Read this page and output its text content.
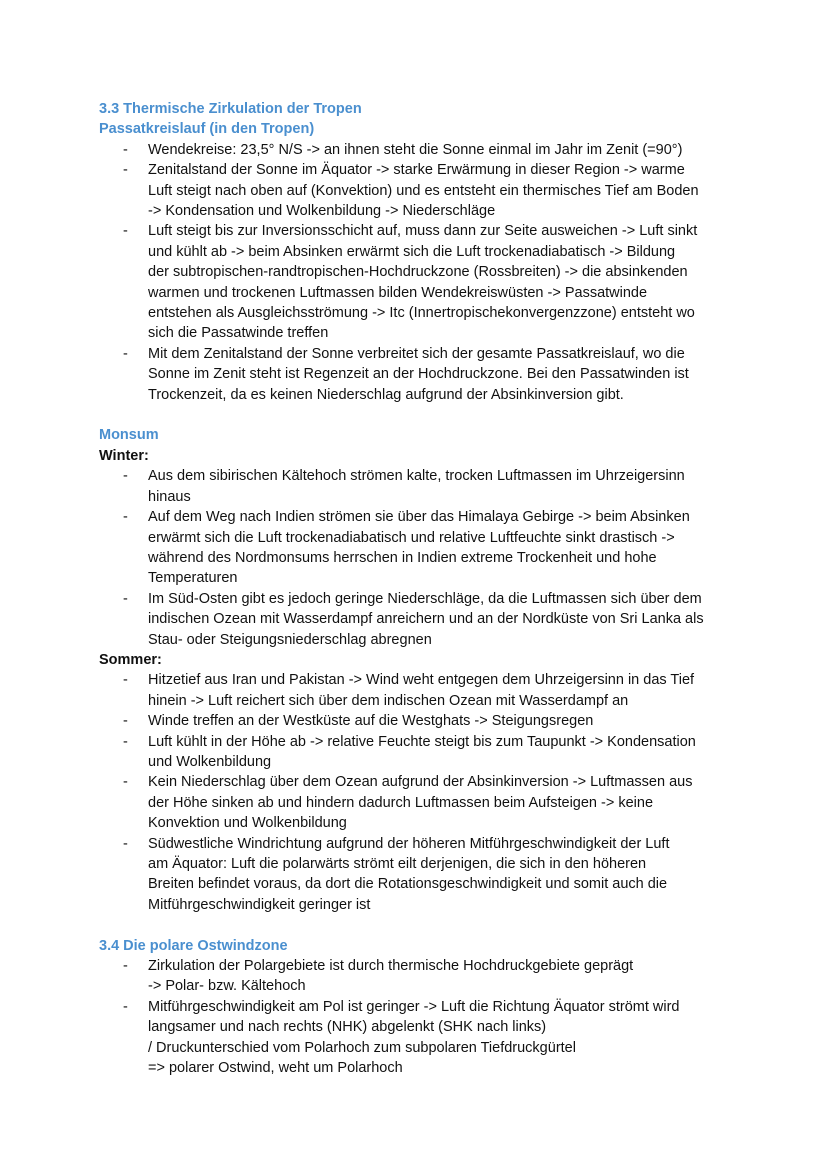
3.3 Thermische Zirkulation der Tropen
Passatkreislauf (in den Tropen)
- Wendekreise: 23,5° N/S -> an ihnen steht die Sonne einmal im Jahr im Zenit (=90°)
- Zenitalstand der Sonne im Äquator -> starke Erwärmung in dieser Region -> warme
Luft steigt nach oben auf (Konvektion) und es entsteht ein thermisches Tief am Boden
-> Kondensation und Wolkenbildung -> Niederschläge
- Luft steigt bis zur Inversionsschicht auf, muss dann zur Seite ausweichen -> Luft sinkt
und kühlt ab -> beim Absinken erwärmt sich die Luft trockenadiabatisch -> Bildung
der subtropischen-randtropischen-Hochdruckzone (Rossbreiten) -> die absinkenden
warmen und trockenen Luftmassen bilden Wendekreiswüsten -> Passatwinde
entstehen als Ausgleichsströmung -> Itc (Innertropischekonvergenzzone) entsteht wo
sich die Passatwinde treffen
- Mit dem Zenitalstand der Sonne verbreitet sich der gesamte Passatkreislauf, wo die
Sonne im Zenit steht ist Regenzeit an der Hochdruckzone. Bei den Passatwinden ist
Trockenzeit, da es keinen Niederschlag aufgrund der Absinkinversion gibt.
Monsum

Winter:

- Aus dem sibirischen Kältehoch strömen kalte, trocken Luftmassen im Uhrzeigersinn
hinaus
- Auf dem Weg nach Indien strömen sie über das Himalaya Gebirge -> beim Absinken
erwärmt sich die Luft trockenadiabatisch und relative Luftfeuchte sinkt drastisch ->
während des Nordmonsums herrschen in Indien extreme Trockenheit und hohe
Temperaturen
- Im Süd-Osten gibt es jedoch geringe Niederschläge, da die Luftmassen sich über dem
indischen Ozean mit Wasserdampf anreichern und an der Nordküste von Sri Lanka als
Stau- oder Steigungsniederschlag abregnen

Sommer:

- Hitzetief aus Iran und Pakistan -> Wind weht entgegen dem Uhrzeigersinn in das Tief
hinein -> Luft reichert sich über dem indischen Ozean mit Wasserdampf an
- Winde treffen an der Westküste auf die Westghats -> Steigungsregen
- Luft kühlt in der Höhe ab -> relative Feuchte steigt bis zum Taupunkt -> Kondensation
und Wolkenbildung
- Kein Niederschlag über dem Ozean aufgrund der Absinkinversion -> Luftmassen aus
der Höhe sinken ab und hindern dadurch Luftmassen beim Aufsteigen -> keine
Konvektion und Wolkenbildung
- Südwestliche Windrichtung aufgrund der höheren Mitführgeschwindigkeit der Luft
am Äquator: Luft die polarwärts strömt eilt derjenigen, die sich in den höheren
Breiten befindet voraus, da dort die Rotationsgeschwindigkeit und somit auch die
Mitführgeschwindigkeit geringer ist
3.4 Die polare Ostwindzone
- Zirkulation der Polargebiete ist durch thermische Hochdruckgebiete geprägt
-> Polar- bzw. Kältehoch
- Mitführgeschwindigkeit am Pol ist geringer -> Luft die Richtung Äquator strömt wird
langsamer und nach rechts (NHK) abgelenkt (SHK nach links)
/ Druckunterschied vom Polarhoch zum subpolaren Tiefdruckgürtel
=> polarer Ostwind, weht um Polarhoch
